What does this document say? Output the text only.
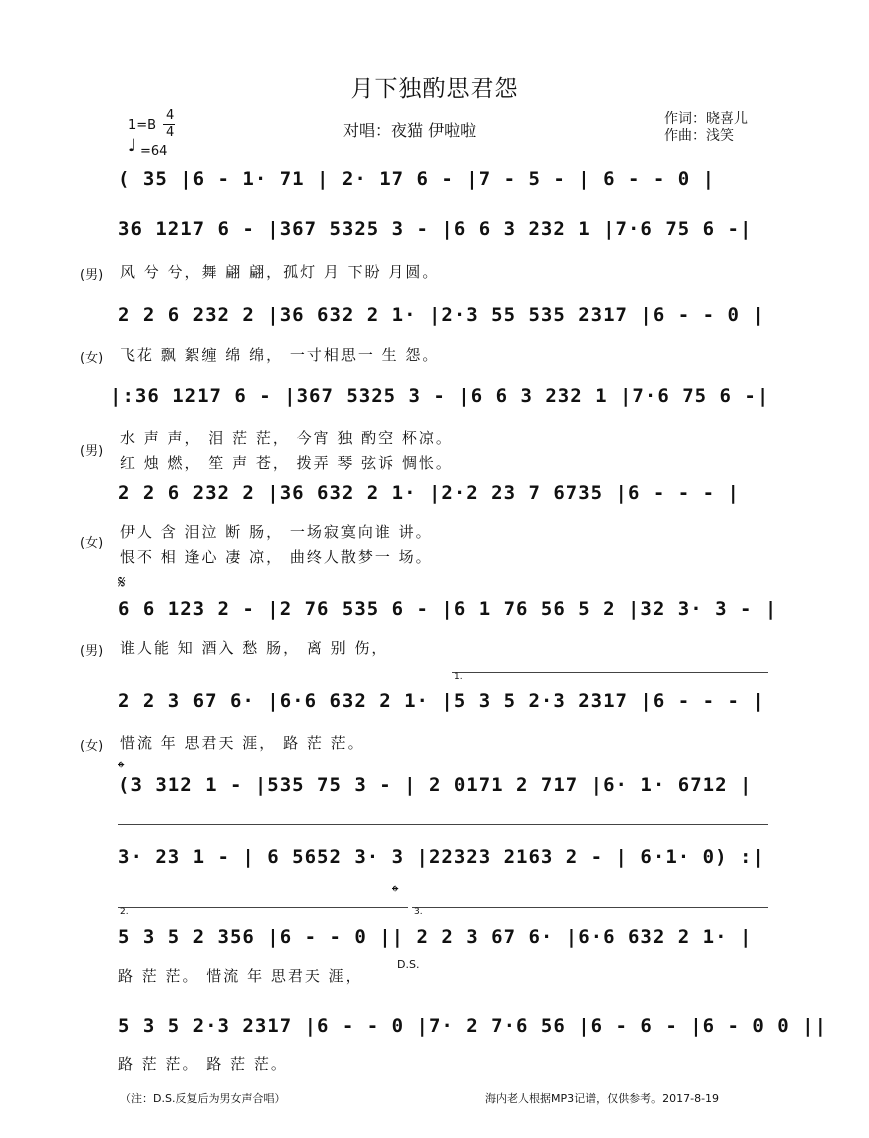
月下独酌思君怨
1=B
4
4
♩ =64
对唱：夜猫 伊啦啦
作词：晓喜儿
作曲：浅笑
( 35 |6 - 1· 71 | 2· 17 6 - |7 - 5 - | 6 - - 0 |
36 1217 6 - |367 5325 3 - |6 6 3 232 1 |7·6 75 6 -|
(男) 风 兮 兮，舞 翩 翩，孤灯 月 下盼 月圆。
2 2 6 232 2 |36 632 2 1· |2·3 55 535 2317 |6 - - 0 |
(女) 飞花 飘 絮缠 绵 绵， 一寸相思一 生 怨。
|:36 1217 6 - |367 5325 3 - |6 6 3 232 1 |7·6 75 6 -|
(男)
水 声 声， 泪 茫 茫， 今宵 独 酌空 杯凉。
红 烛 燃， 笙 声 苍， 拨弄 琴 弦诉 惆怅。
2 2 6 232 2 |36 632 2 1· |2·2 23 7 6735 |6 - - - |
(女)
伊人 含 泪泣 断 肠， 一场寂寞向谁 讲。
恨不 相 逢心 凄 凉， 曲终人散梦一 场。
𝄋
6 6 123 2 - |2 76 535 6 - |6 1 76 56 5 2 |32 3· 3 - |
(男) 谁人能 知 酒入 愁 肠， 离 别 伤，
1.
2 2 3 67 6· |6·6 632 2 1· |5 3 5 2·3 2317 |6 - - - |
(女) 惜流 年 思君天 涯， 路 茫 茫。
𝄌
(3 312 1 - |535 75 3 - | 2 0171 2 717 |6· 1· 6712 |
3· 23 1 - | 6 5652 3· 3 |22323 2163 2 - | 6·1· 0) :|
𝄌
2.	3.
5 3 5 2 356 |6 - - 0 || 2 2 3 67 6· |6·6 632 2 1· |
路 茫 茫。 惜流 年 思君天 涯，
D.S.
5 3 5 2·3 2317 |6 - - 0 |7· 2 7·6 56 |6 - 6 - |6 - 0 0 ||
路 茫 茫。 路 茫 茫。
（注：D.S.反复后为男女声合唱）	海内老人根据MP3记谱，仅供参考。2017-8-19
